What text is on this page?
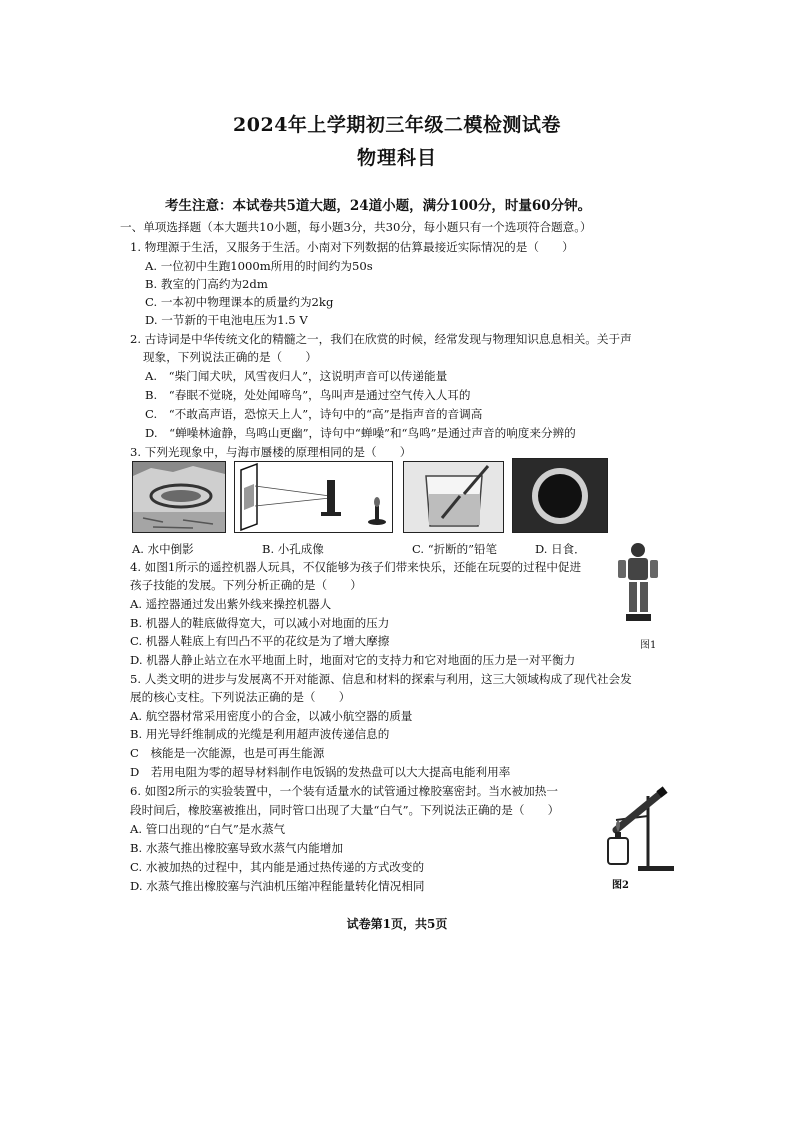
2024年上学期初三年级二模检测试卷
物理科目
考生注意：本试卷共5道大题，24道小题，满分100分，时量60分钟。
一、单项选择题（本大题共10小题，每小题3分，共30分，每小题只有一个选项符合题意。）
1. 物理源于生活，又服务于生活。小南对下列数据的估算最接近实际情况的是（　　）
A. 一位初中生跑1000m所用的时间约为50s
B. 教室的门高约为2dm
C. 一本初中物理课本的质量约为2kg
D. 一节新的干电池电压为1.5 V
2. 古诗词是中华传统文化的精髓之一，我们在欣赏的时候，经常发现与物理知识息息相关。关于声
现象，下列说法正确的是（　　）
A.　“柴门闻犬吠，风雪夜归人”，这说明声音可以传递能量
B.　“春眠不觉晓，处处闻啼鸟”，鸟叫声是通过空气传入人耳的
C.　“不敢高声语，恐惊天上人”，诗句中的“高”是指声音的音调高
D.　“蝉噪林逾静，鸟鸣山更幽”，诗句中“蝉噪”和“鸟鸣”是通过声音的响度来分辨的
3. 下列光现象中，与海市蜃楼的原理相同的是（　　）
A. 水中倒影	B. 小孔成像	C. “折断的”铅笔	D. 日食．
图1
4. 如图1所示的遥控机器人玩具，不仅能够为孩子们带来快乐，还能在玩耍的过程中促进
孩子技能的发展。下列分析正确的是（　　）
A. 遥控器通过发出紫外线来操控机器人
B. 机器人的鞋底做得宽大，可以减小对地面的压力
C. 机器人鞋底上有凹凸不平的花纹是为了增大摩擦
D. 机器人静止站立在水平地面上时，地面对它的支持力和它对地面的压力是一对平衡力
5. 人类文明的进步与发展离不开对能源、信息和材料的探索与利用，这三大领域构成了现代社会发
展的核心支柱。下列说法正确的是（　　）
A. 航空器材常采用密度小的合金，以减小航空器的质量
B. 用光导纤维制成的光缆是利用超声波传递信息的
C　核能是一次能源，也是可再生能源
D　若用电阻为零的超导材料制作电饭锅的发热盘可以大大提高电能利用率
6. 如图2所示的实验装置中，一个装有适量水的试管通过橡胶塞密封。当水被加热一
段时间后，橡胶塞被推出，同时管口出现了大量“白气”。下列说法正确的是（　　）
A. 管口出现的“白气”是水蒸气
B. 水蒸气推出橡胶塞导致水蒸气内能增加
C. 水被加热的过程中，其内能是通过热传递的方式改变的
D. 水蒸气推出橡胶塞与汽油机压缩冲程能量转化情况相同	图2
试卷第1页，共5页
